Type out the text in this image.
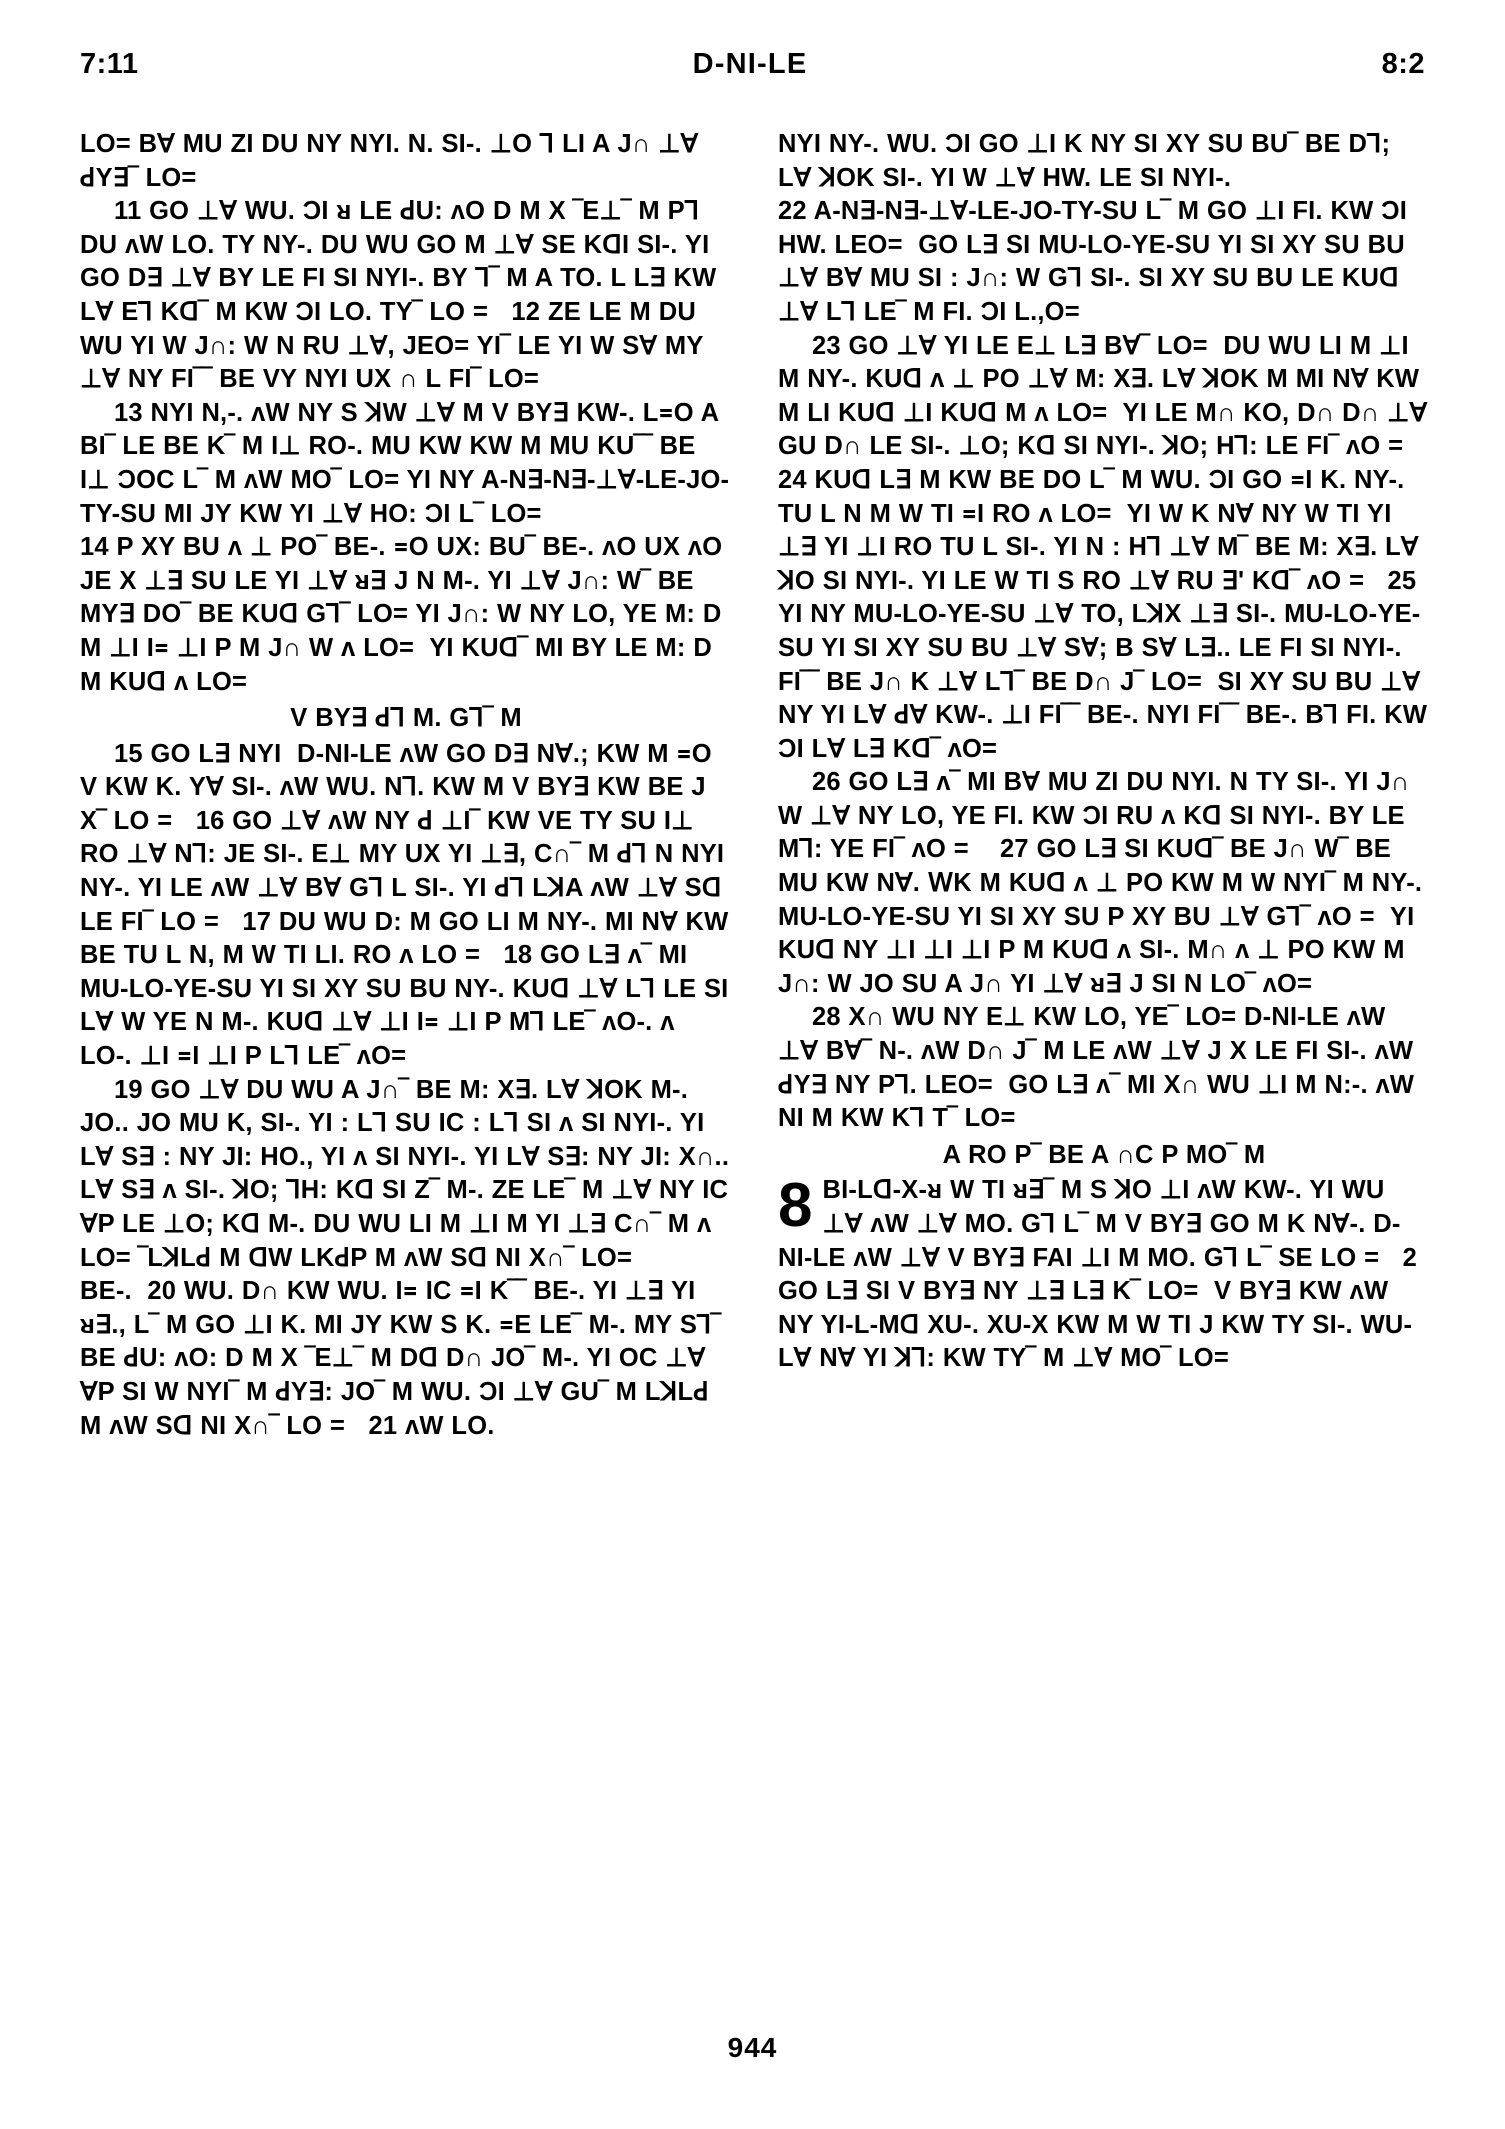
7:11	D-NI-LE	8:2

LO= B∀ MU ZI DU NY NYI. N. SI-. ⊥O ⅂ LI A J∩ ⊥∀ ꓒY∃‾ LO=

11 GO ⊥∀ WU. ƆI ᴚ LE ꓒU: ᴧO D M X ‾E⊥‾ M P⅂ DU ᴧW LO. TY NY-. DU WU GO M ⊥∀ SE KꓷI SI-. YI GO D∃ ⊥∀ BY LE FI SI NYI-. BY ⅂‾ M A TO. L L∃ KW L∀ E⅂ Kꓷ‾ M KW ƆI LO. TY‾ LO =   12 ZE LE M DU WU YI W J∩: W N RU ⊥∀, JEO= YI‾ LE YI W S∀ MY ⊥∀ NY FI‾‾ BE VY NYI UX ∩ L FI‾ LO=

13 NYI N,-. ᴧW NY S ꓘW ⊥∀ M V BY∃ KW-. L꓿O A BI‾ LE BE K‾ M I⊥ RO-. MU KW KW M MU KU‾‾ BE I⊥ ƆOC L‾ M ᴧW MO‾ LO= YI NY A-N∃-N∃-⊥∀-LE-JO-TY-SU MI JY KW YI ⊥∀ HO: ƆI L‾ LO=

14 P XY BU ᴧ ⊥ PO‾ BE-. ꓿O UX: BU‾ BE-. ᴧO UX ᴧO JE X ⊥∃ SU LE YI ⊥∀ ᴚ∃ J N M-. YI ⊥∀ J∩: W‾ BE MY∃ DO‾ BE KUꓷ G⅂‾ LO= YI J∩: W NY LO, YE M: D M ⊥I I꓿ ⊥I P M J∩ W ᴧ LO=  YI KUꓷ‾ MI BY LE M: D M KUꓷ ᴧ LO=

V BY∃ ꓒ⅂ M. G⅂‾ M

15 GO L∃ NYI  D-NI-LE ᴧW GO D∃ N∀.; KW M ꓿O V KW K. Y∀ SI-. ᴧW WU. N⅂. KW M V BY∃ KW BE J X‾ LO =   16 GO ⊥∀ ᴧW NY ꓒ ⊥I‾ KW VE TY SU I⊥ RO ⊥∀ N⅂: JE SI-. E⊥ MY UX YI ⊥∃, C∩‾ M ꓒ⅂ N NYI NY-. YI LE ᴧW ⊥∀ B∀ G⅂ L SI-. YI ꓒ⅂ LꓘA ᴧW ⊥∀ Sꓷ LE FI‾ LO =   17 DU WU D: M GO LI M NY-. MI N∀ KW BE TU L N, M W TI LI. RO ᴧ LO =   18 GO L∃ ᴧ‾ MI MU-LO-YE-SU YI SI XY SU BU NY-. KUꓷ ⊥∀ L⅂ LE SI L∀ W YE N M-. KUꓷ ⊥∀ ⊥I I꓿ ⊥I P M⅂ LE‾ ᴧO-. ᴧ LO-. ⊥I ꓿I ⊥I P L⅂ LE‾ ᴧO=

19 GO ⊥∀ DU WU A J∩‾ BE M: X∃. L∀ ꓘOK M-. JO.. JO MU K, SI-. YI : L⅂ SU IC : L⅂ SI ᴧ SI NYI-. YI L∀ S∃ : NY JI: HO., YI ᴧ SI NYI-. YI L∀ S∃: NY JI: X∩.. L∀ S∃ ᴧ SI-. ꓘO; ⅂H: Kꓷ SI Z‾ M-. ZE LE‾ M ⊥∀ NY IC ∀P LE ⊥O; Kꓷ M-. DU WU LI M ⊥I M YI ⊥∃ C∩‾ M ᴧ LO= ‾LꓘLꓒ M ꓷW LKꓒP M ᴧW Sꓷ NI X∩‾ LO=

BE-.  20 WU. D∩ KW WU. I꓿ IC ꓿I K‾‾ BE-. YI ⊥∃ YI ᴚ∃., L‾ M GO ⊥I K. MI JY KW S K. ꓿E LE‾ M-. MY S⅂‾ BE ꓒU: ᴧO: D M X ‾E⊥‾ M Dꓷ D∩ JO‾ M-. YI OC ⊥∀ ∀P SI W NYI‾ M ꓒY∃: JO‾ M WU. ƆI ⊥∀ GU‾ M LꓘLꓒ M ᴧW Sꓷ NI X∩‾ LO =   21 ᴧW LO.

NYI NY-. WU. ƆI GO ⊥I K NY SI XY SU BU‾ BE D⅂; L∀ ꓘOK SI-. YI W ⊥∀ HW. LE SI NYI-.

22 A-N∃-N∃-⊥∀-LE-JO-TY-SU L‾ M GO ⊥I FI. KW ƆI HW. LEO=  GO L∃ SI MU-LO-YE-SU YI SI XY SU BU ⊥∀ B∀ MU SI : J∩: W G⅂ SI-. SI XY SU BU LE KUꓷ ⊥∀ L⅂ LE‾ M FI. ƆI L.,O=

23 GO ⊥∀ YI LE E⊥ L∃ B∀‾ LO=  DU WU LI M ⊥I M NY-. KUꓷ ᴧ ⊥ PO ⊥∀ M: X∃. L∀ ꓘOK M MI N∀ KW M LI KUꓷ ⊥I KUꓷ M ᴧ LO=  YI LE M∩ KO, D∩ D∩ ⊥∀ GU D∩ LE SI-. ⊥O; Kꓷ SI NYI-. ꓘO; H⅂: LE FI‾ ᴧO =    24 KUꓷ L∃ M KW BE DO L‾ M WU. ƆI GO ꓿I K. NY-. TU L N M W TI ꓿I RO ᴧ LO=  YI W K N∀ NY W TI YI ⊥∃ YI ⊥I RO TU L SI-. YI N : H⅂ ⊥∀ M‾ BE M: X∃. L∀ ꓘO SI NYI-. YI LE W TI S RO ⊥∀ RU ∃' Kꓷ‾ ᴧO =   25 YI NY MU-LO-YE-SU ⊥∀ TO, LꓘX ⊥∃ SI-. MU-LO-YE-SU YI SI XY SU BU ⊥∀ S∀; B S∀ L∃.. LE FI SI NYI-. FI‾‾ BE J∩ K ⊥∀ L⅂‾ BE D∩ J‾ LO=  SI XY SU BU ⊥∀ NY YI L∀ ꓒ∀ KW-. ⊥I FI‾‾ BE-. NYI FI‾‾ BE-. B⅂ FI. KW ƆI L∀ L∃ Kꓷ‾ ᴧO=

26 GO L∃ ᴧ‾ MI B∀ MU ZI DU NYI. N TY SI-. YI J∩ W ⊥∀ NY LO, YE FI. KW ƆI RU ᴧ Kꓷ SI NYI-. BY LE M⅂: YE FI‾ ᴧO =    27 GO L∃ SI KUꓷ‾ BE J∩ W‾ BE MU KW N∀. ꓪK M KUꓷ ᴧ ⊥ PO KW M W NYI‾ M NY-. MU-LO-YE-SU YI SI XY SU P XY BU ⊥∀ G⅂‾ ᴧO =  YI KUꓷ NY ⊥I ⊥I ⊥I P M KUꓷ ᴧ SI-. M∩ ᴧ ⊥ PO KW M J∩: W JO SU A J∩ YI ⊥∀ ᴚ∃ J SI N LO‾ ᴧO=

28 X∩ WU NY E⊥ KW LO, YE‾ LO= D-NI-LE ᴧW ⊥∀ B∀‾ N-. ᴧW D∩ J‾ M LE ᴧW ⊥∀ J X LE FI SI-. ᴧW ꓒY∃ NY P⅂. LEO=  GO L∃ ᴧ‾ MI X∩ WU ⊥I M N:-. ᴧW NI M KW Kꓶ T‾ LO=

A RO P‾ BE A ∩C P MO‾ M

8 BI-Lꓷ-X-ᴚ W TI ᴚ∃‾ M S ꓘO ⊥I ᴧW KW-. YI WU ⊥∀ ᴧW ⊥∀ MO. G⅂ L‾ M V BY∃ GO M K N∀-. D-NI-LE ᴧW ⊥∀ V BY∃ FAI ⊥I M MO. G⅂ L‾ SE LO =   2 GO L∃ SI V BY∃ NY ⊥∃ L∃ K‾ LO=  V BY∃ KW ᴧW NY YI-L-Mꓷ XU-. XU-X KW M W TI J KW TY SI-. WU-L∀ N∀ YI ꓘ⅂: KW TY‾ M ⊥∀ MO‾ LO=

944
